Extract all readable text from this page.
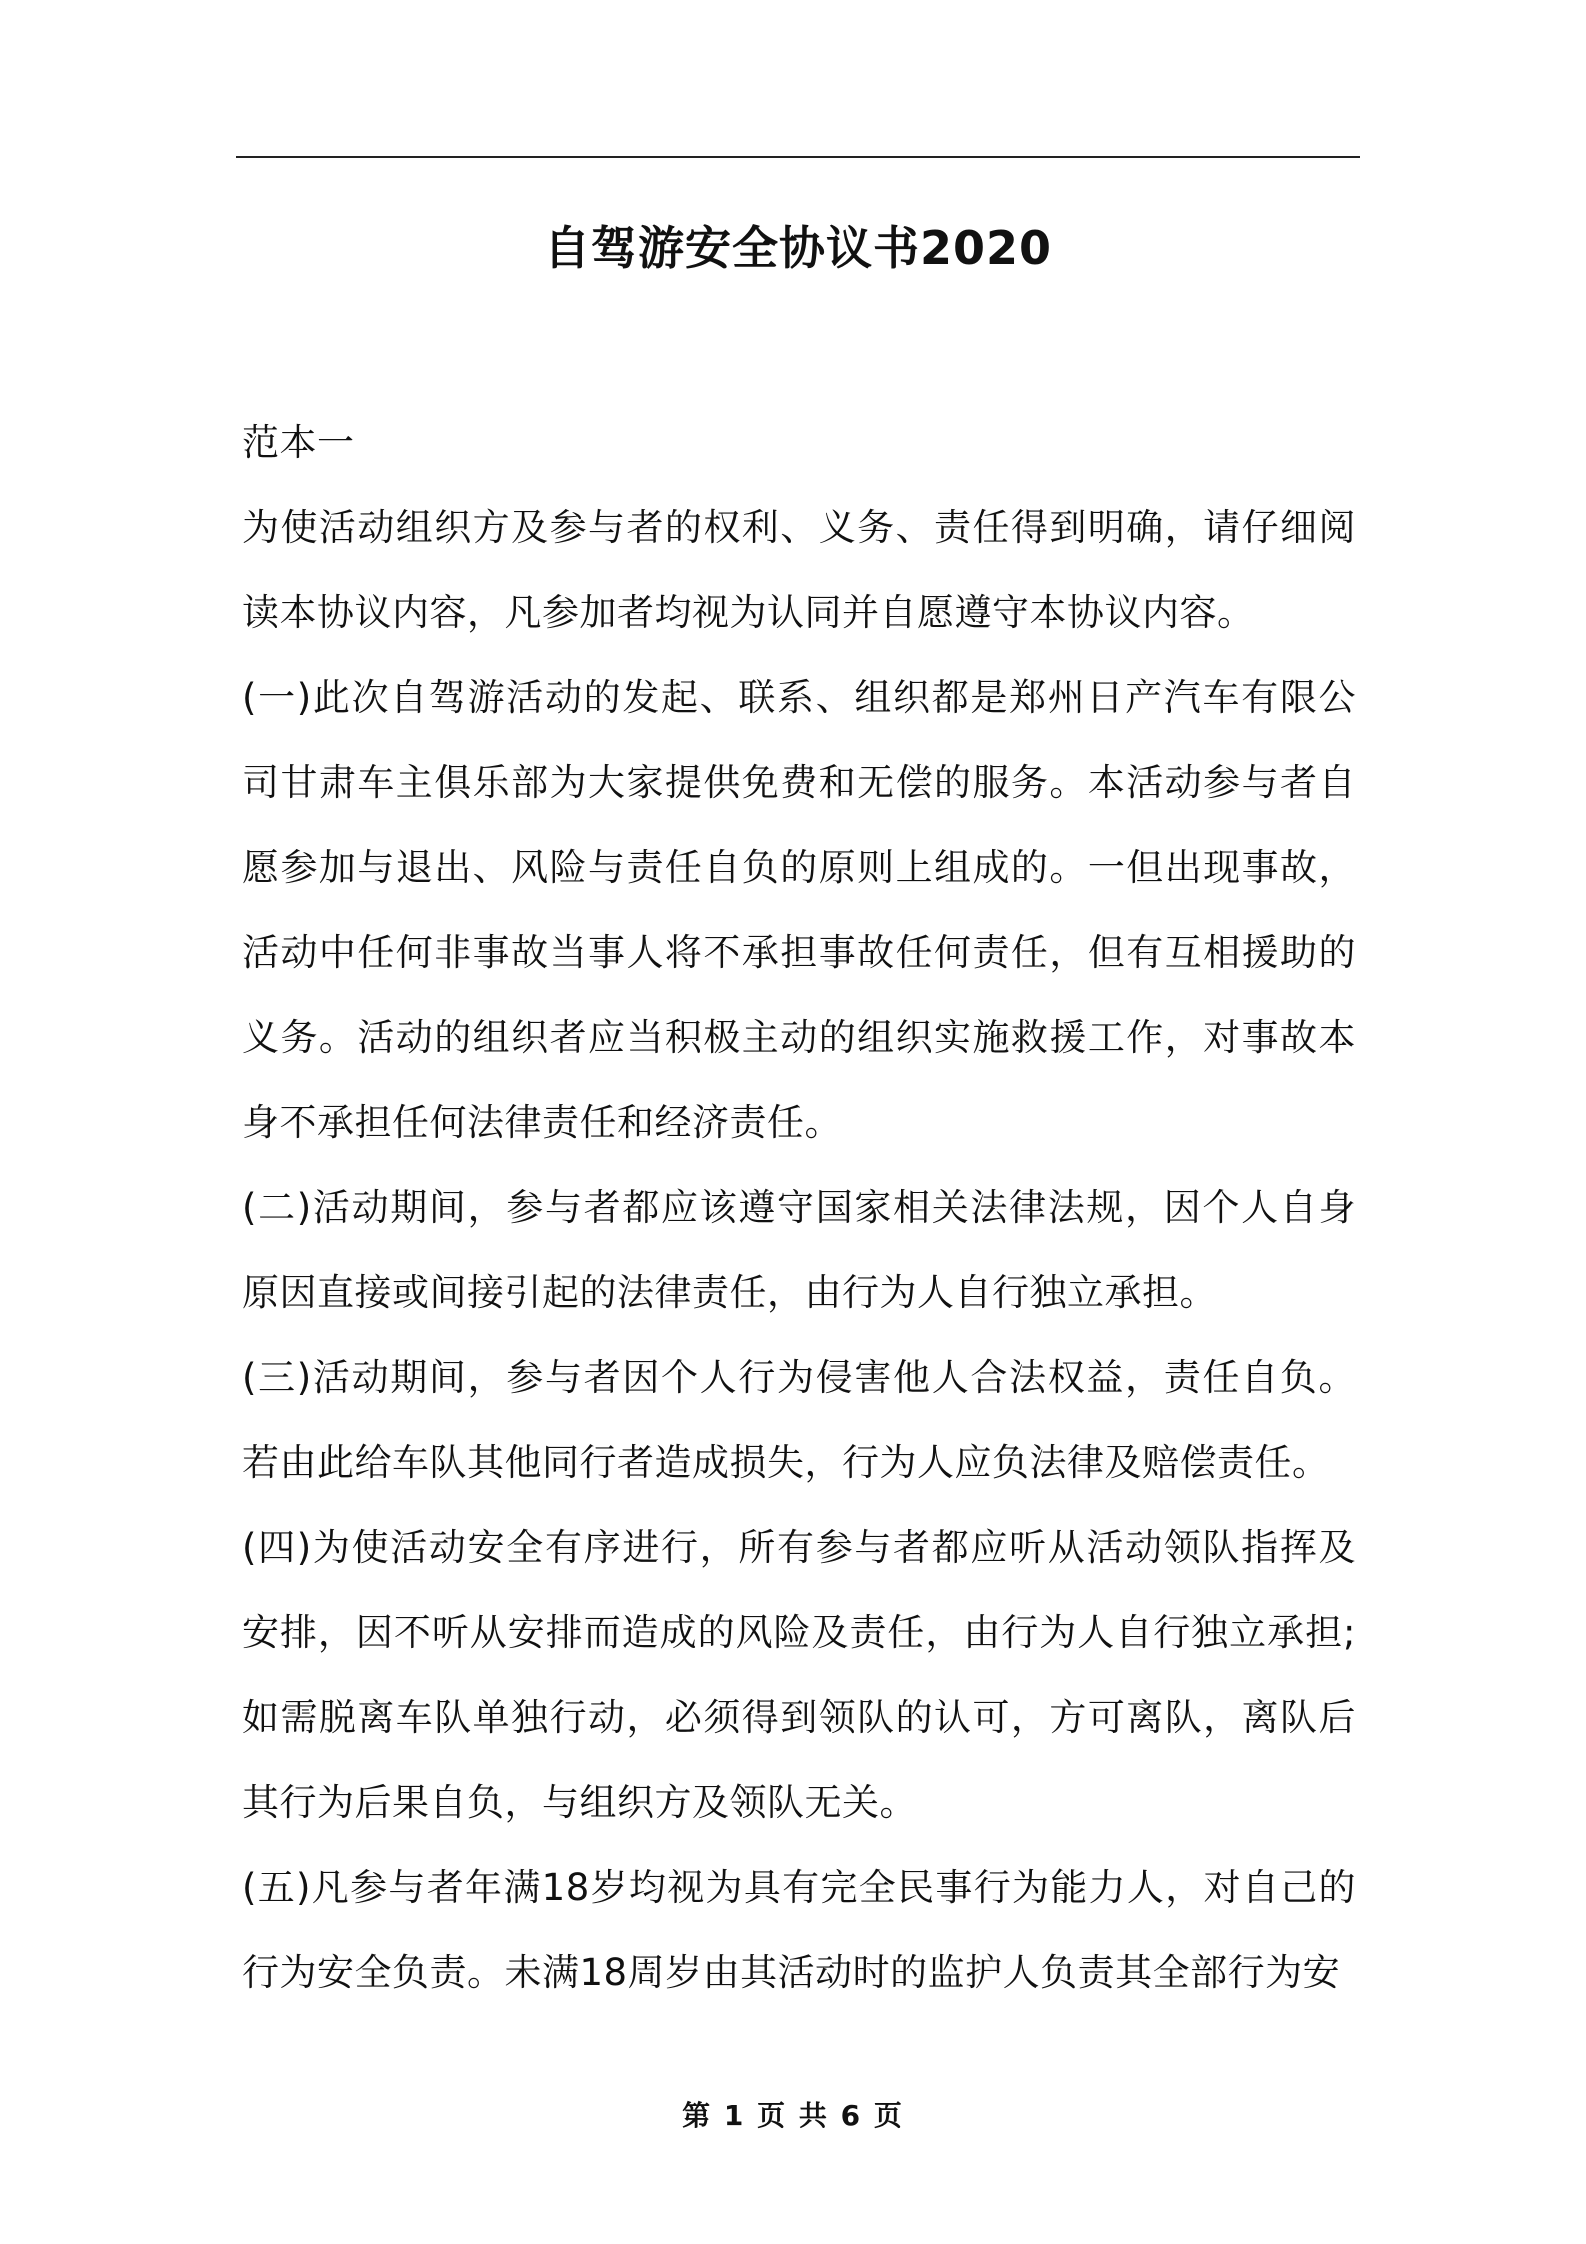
自驾游安全协议书2020

范本一

为使活动组织方及参与者的权利、义务、责任得到明确，请仔细阅读本协议内容，凡参加者均视为认同并自愿遵守本协议内容。

(一)此次自驾游活动的发起、联系、组织都是郑州日产汽车有限公司甘肃车主俱乐部为大家提供免费和无偿的服务。本活动参与者自愿参加与退出、风险与责任自负的原则上组成的。一但出现事故，活动中任何非事故当事人将不承担事故任何责任，但有互相援助的义务。活动的组织者应当积极主动的组织实施救援工作，对事故本身不承担任何法律责任和经济责任。

(二)活动期间，参与者都应该遵守国家相关法律法规，因个人自身原因直接或间接引起的法律责任，由行为人自行独立承担。

(三)活动期间，参与者因个人行为侵害他人合法权益，责任自负。若由此给车队其他同行者造成损失，行为人应负法律及赔偿责任。

(四)为使活动安全有序进行，所有参与者都应听从活动领队指挥及安排，因不听从安排而造成的风险及责任，由行为人自行独立承担;如需脱离车队单独行动，必须得到领队的认可，方可离队，离队后其行为后果自负，与组织方及领队无关。

(五)凡参与者年满18岁均视为具有完全民事行为能力人，对自己的行为安全负责。未满18周岁由其活动时的监护人负责其全部行为安

第 1 页 共 6 页
